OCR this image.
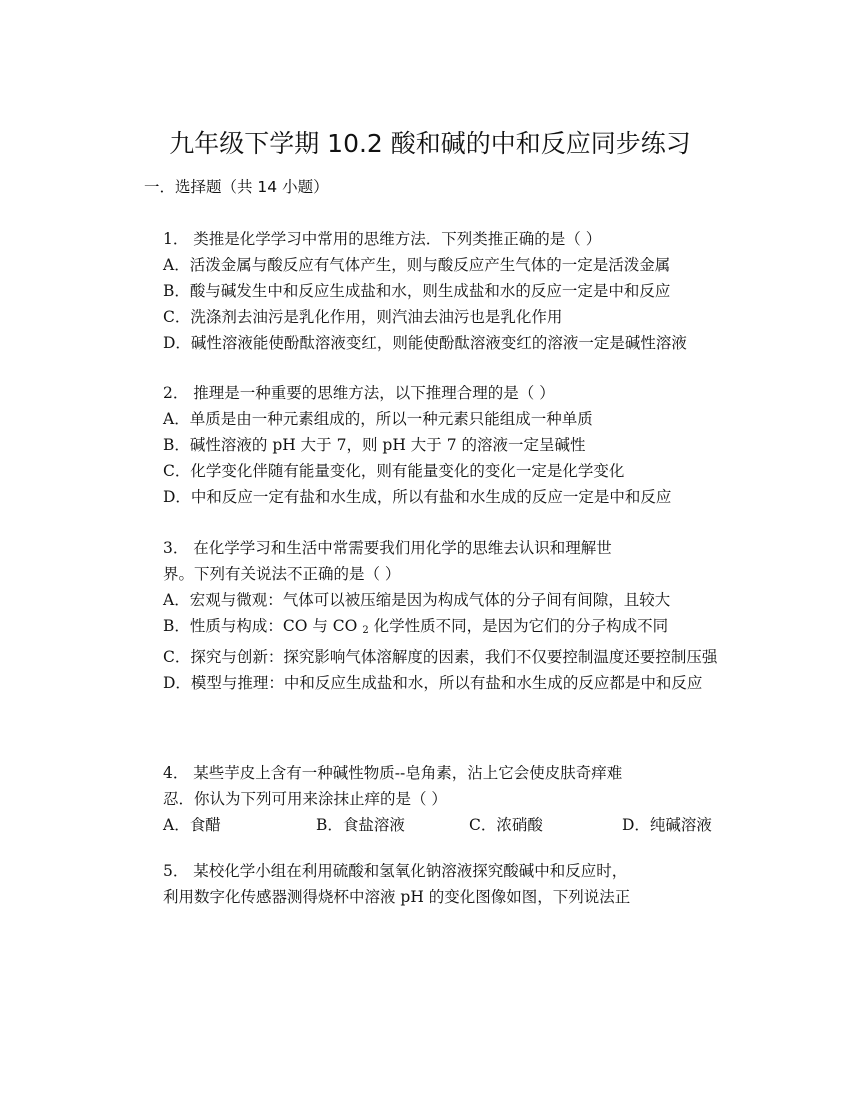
九年级下学期 10.2 酸和碱的中和反应同步练习
一．选择题（共 14 小题）
1． 类推是化学学习中常用的思维方法．下列类推正确的是（ ）
A．活泼金属与酸反应有气体产生，则与酸反应产生气体的一定是活泼金属
B．酸与碱发生中和反应生成盐和水，则生成盐和水的反应一定是中和反应
C．洗涤剂去油污是乳化作用，则汽油去油污也是乳化作用
D．碱性溶液能使酚酞溶液变红，则能使酚酞溶液变红的溶液一定是碱性溶液
2． 推理是一种重要的思维方法，以下推理合理的是（ ）
A．单质是由一种元素组成的，所以一种元素只能组成一种单质
B．碱性溶液的 pH 大于 7，则 pH 大于 7 的溶液一定呈碱性
C．化学变化伴随有能量变化，则有能量变化的变化一定是化学变化
D．中和反应一定有盐和水生成，所以有盐和水生成的反应一定是中和反应
3． 在化学学习和生活中常需要我们用化学的思维去认识和理解世
界。下列有关说法不正确的是（ ）
A．宏观与微观：气体可以被压缩是因为构成气体的分子间有间隙，且较大
B．性质与构成：CO 与 CO $_2$ 化学性质不同，是因为它们的分子构成不同
C．探究与创新：探究影响气体溶解度的因素，我们不仅要控制温度还要控制压强
D．模型与推理：中和反应生成盐和水，所以有盐和水生成的反应都是中和反应
4． 某些芋皮上含有一种碱性物质--皂角素，沾上它会使皮肤奇痒难
忍．你认为下列可用来涂抹止痒的是（ ）
A．食醋	B．食盐溶液	C．浓硝酸	D．纯碱溶液
5． 某校化学小组在利用硫酸和氢氧化钠溶液探究酸碱中和反应时，
利用数字化传感器测得烧杯中溶液 pH 的变化图像如图，下列说法正
